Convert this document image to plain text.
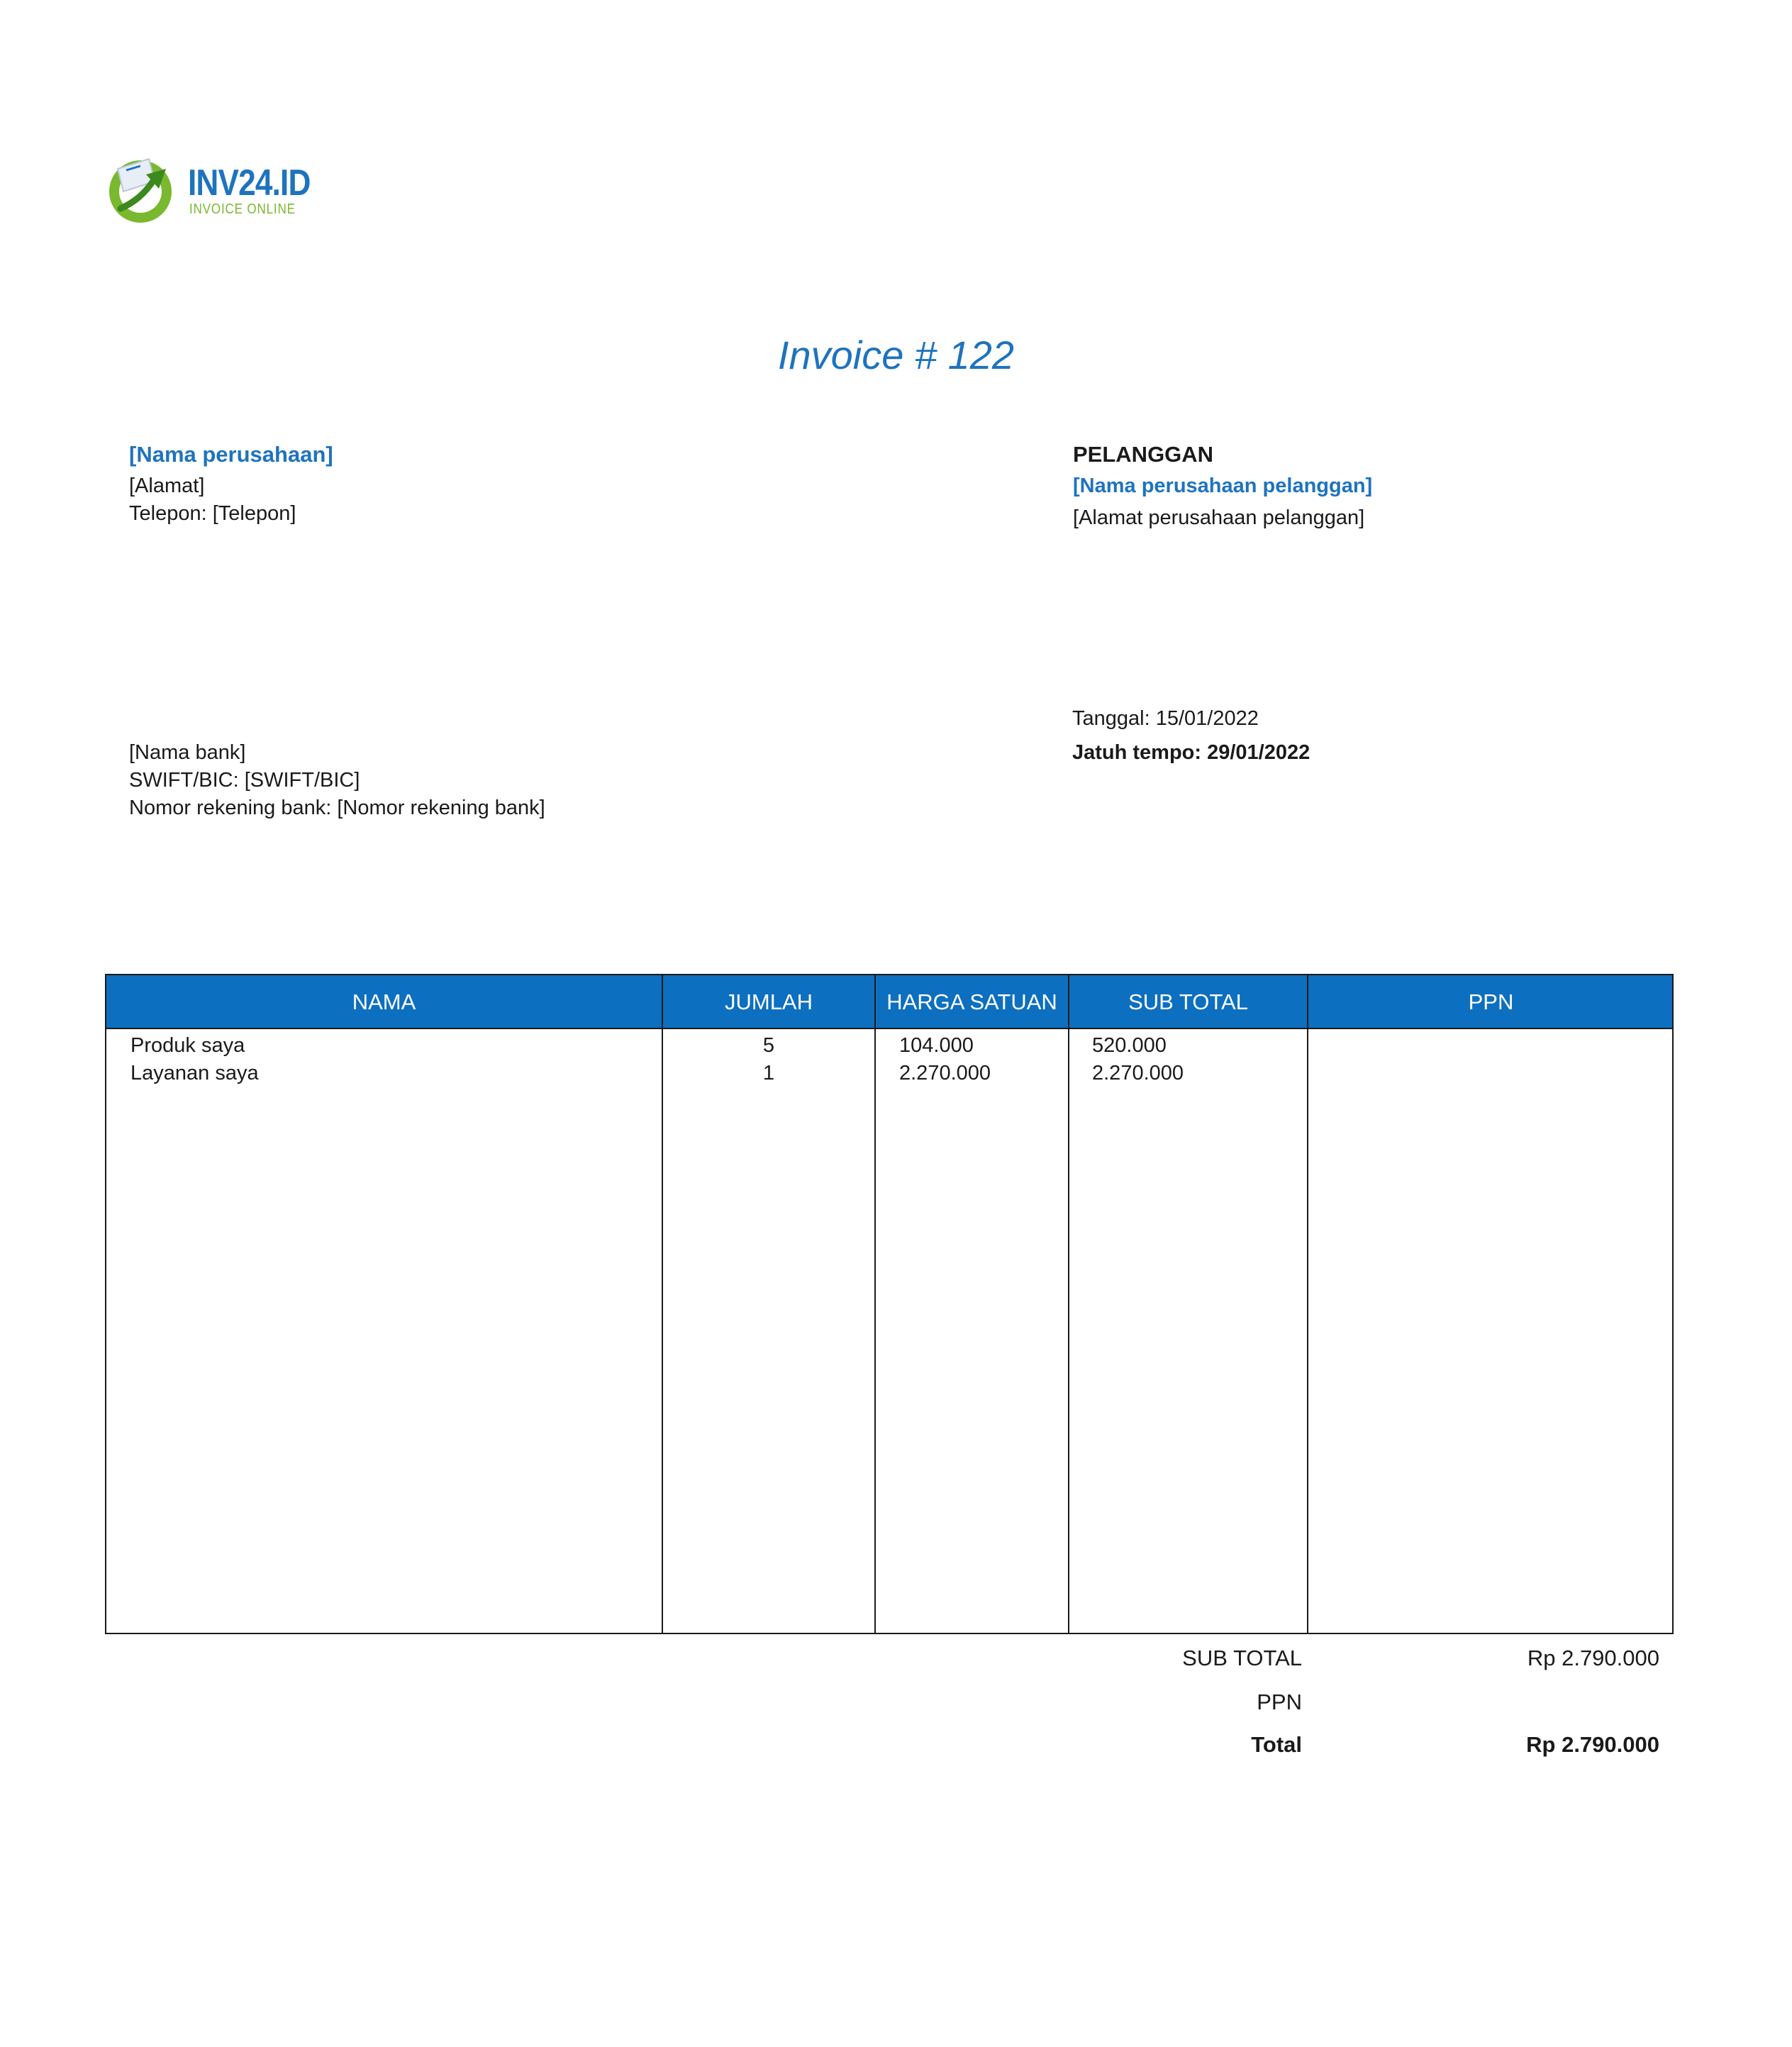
INV24.ID
INVOICE ONLINE
Invoice # 122
[Nama perusahaan]
[Alamat]
Telepon: [Telepon]
PELANGGAN
[Nama perusahaan pelanggan]
[Alamat perusahaan pelanggan]
Tanggal: 15/01/2022
Jatuh tempo: 29/01/2022
[Nama bank]
SWIFT/BIC: [SWIFT/BIC]
Nomor rekening bank: [Nomor rekening bank]
NAMA	JUMLAH	HARGA SATUAN	SUB TOTAL	PPN
Produk saya	5	104.000	520.000
Layanan saya	1	2.270.000	2.270.000
SUB TOTAL	Rp 2.790.000
PPN
Total	Rp 2.790.000
